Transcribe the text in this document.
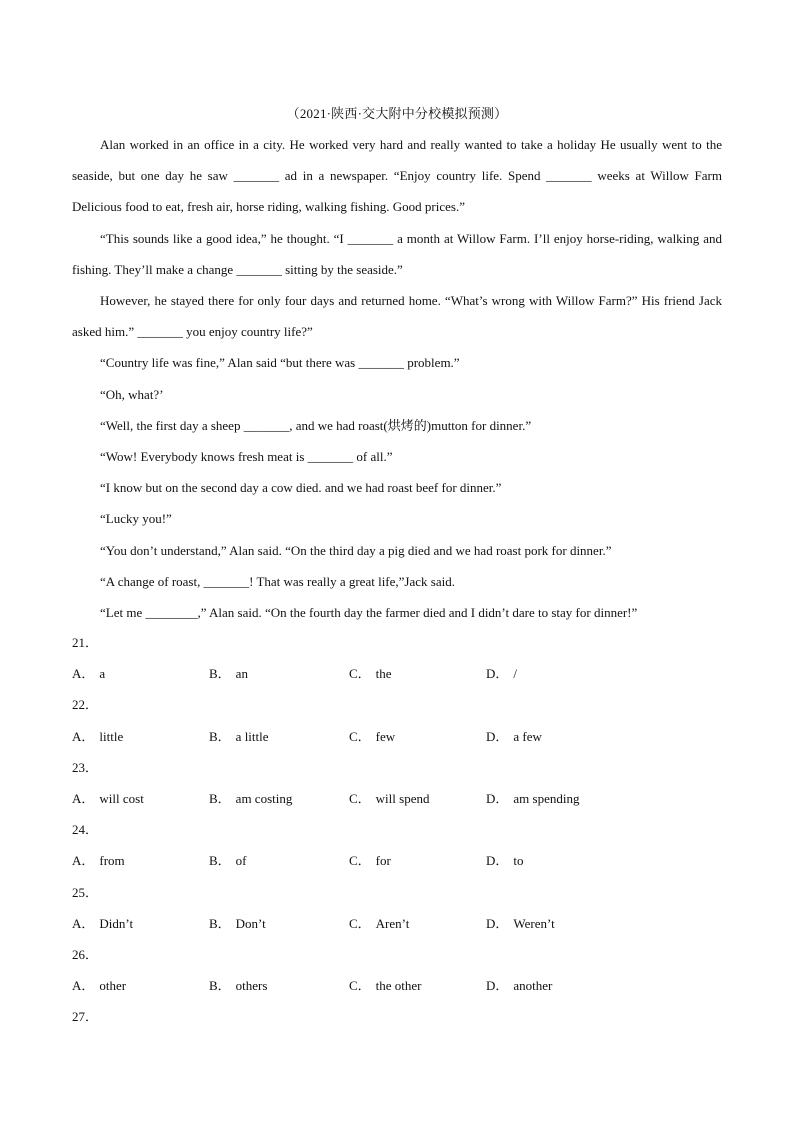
（2021·陕西·交大附中分校模拟预测）

Alan worked in an office in a city. He worked very hard and really wanted to take a holiday He usually went to the seaside, but one day he saw _______ ad in a newspaper. “Enjoy country life. Spend _______ weeks at Willow Farm Delicious food to eat, fresh air, horse riding, walking fishing. Good prices.”

“This sounds like a good idea,” he thought. “I _______ a month at Willow Farm. I’ll enjoy horse-riding, walking and fishing. They’ll make a change _______ sitting by the seaside.”

However, he stayed there for only four days and returned home. “What’s wrong with Willow Farm?” His friend Jack asked him.” _______ you enjoy country life?”

“Country life was fine,” Alan said “but there was _______ problem.”

“Oh, what?’

“Well, the first day a sheep _______, and we had roast(烘烤的)mutton for dinner.”

“Wow! Everybody knows fresh meat is _______ of all.”

“I know but on the second day a cow died. and we had roast beef for dinner.”

“Lucky you!”

“You don’t understand,” Alan said. “On the third day a pig died and we had roast pork for dinner.”

“A change of roast, _______! That was really a great life,”Jack said.

“Let me ________,” Alan said. “On the fourth day the farmer died and I didn’t dare to stay for dinner!”

21．
A． a	B． an	C． the	D． /
22．
A． little	B． a little	C． few	D． a few
23．
A． will cost	B． am costing	C． will spend	D． am spending
24．
A． from	B． of	C． for	D． to
25．
A． Didn’t	B． Don’t	C． Aren’t	D． Weren’t
26．
A． other	B． others	C． the other	D． another
27．
